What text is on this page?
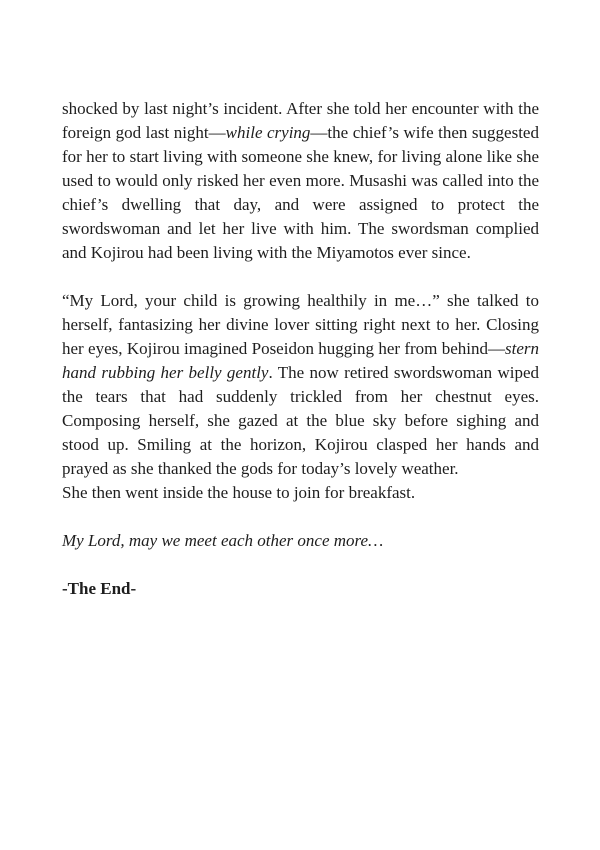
shocked by last night’s incident. After she told her encounter with the foreign god last night—while crying—the chief’s wife then suggested for her to start living with someone she knew, for living alone like she used to would only risked her even more. Musashi was called into the chief’s dwelling that day, and were assigned to protect the swordswoman and let her live with him. The swordsman complied and Kojirou had been living with the Miyamotos ever since.

“My Lord, your child is growing healthily in me…” she talked to herself, fantasizing her divine lover sitting right next to her. Closing her eyes, Kojirou imagined Poseidon hugging her from behind—stern hand rubbing her belly gently. The now retired swordswoman wiped the tears that had suddenly trickled from her chestnut eyes. Composing herself, she gazed at the blue sky before sighing and stood up. Smiling at the horizon, Kojirou clasped her hands and prayed as she thanked the gods for today’s lovely weather.

She then went inside the house to join for breakfast.

My Lord, may we meet each other once more…

-The End-
